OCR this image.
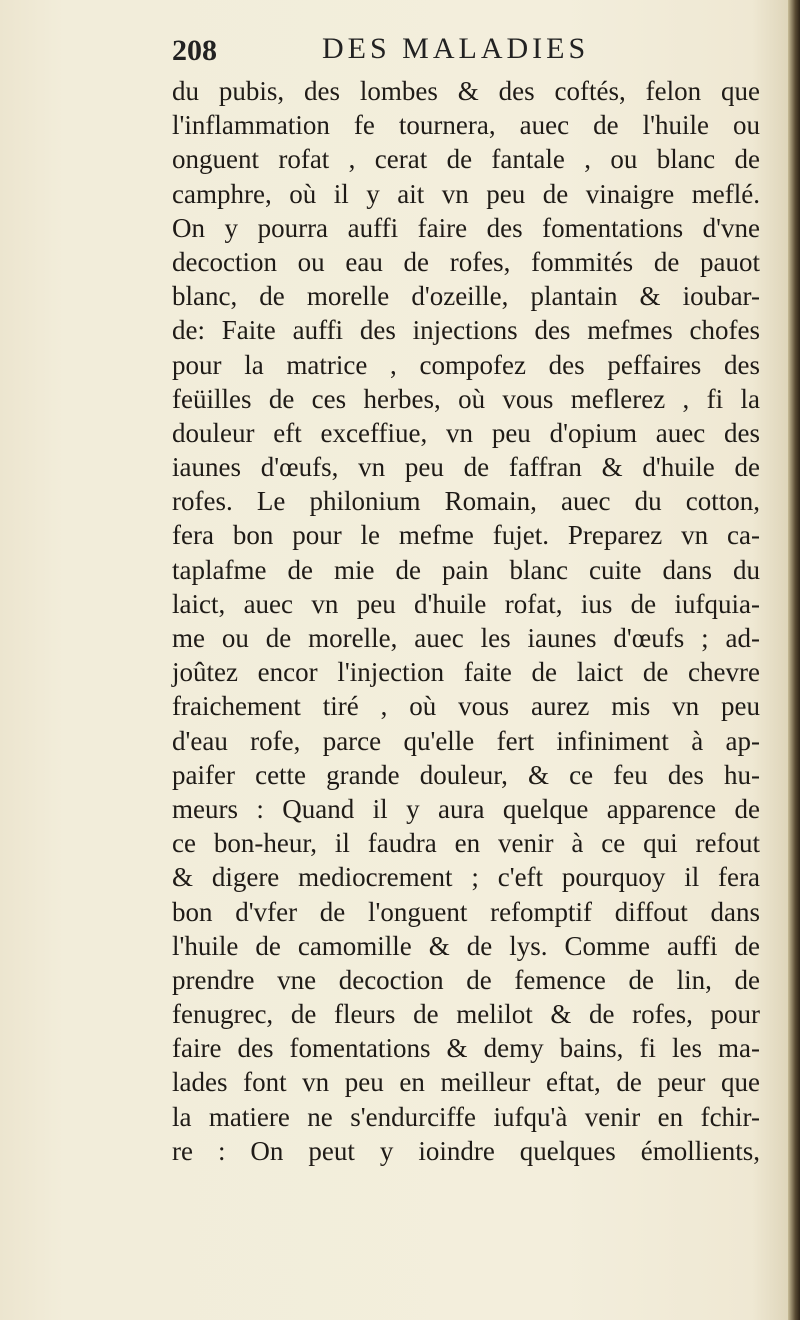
208	DES MALADIES
du pubis, des lombes & des coftés, felon que
l'inflammation fe tournera, auec de l'huile ou
onguent rofat , cerat de fantale , ou blanc de
camphre, où il y ait vn peu de vinaigre meflé.
On y pourra auffi faire des fomentations d'vne
decoction ou eau de rofes, fommités de pauot
blanc, de morelle d'ozeille, plantain & ioubar-
de: Faite auffi des injections des mefmes chofes
pour la matrice , compofez des peffaires des
feüilles de ces herbes, où vous meflerez , fi la
douleur eft exceffiue, vn peu d'opium auec des
iaunes d'œufs, vn peu de faffran & d'huile de
rofes. Le philonium Romain, auec du cotton,
fera bon pour le mefme fujet. Preparez vn ca-
taplafme de mie de pain blanc cuite dans du
laict, auec vn peu d'huile rofat, ius de iufquia-
me ou de morelle, auec les iaunes d'œufs ; ad-
joûtez encor l'injection faite de laict de chevre
fraichement tiré , où vous aurez mis vn peu
d'eau rofe, parce qu'elle fert infiniment à ap-
paifer cette grande douleur, & ce feu des hu-
meurs : Quand il y aura quelque apparence de
ce bon-heur, il faudra en venir à ce qui refout
& digere mediocrement ; c'eft pourquoy il fera
bon d'vfer de l'onguent refomptif diffout dans
l'huile de camomille & de lys. Comme auffi de
prendre vne decoction de femence de lin, de
fenugrec, de fleurs de melilot & de rofes, pour
faire des fomentations & demy bains, fi les ma-
lades font vn peu en meilleur eftat, de peur que
la matiere ne s'endurciffe iufqu'à venir en fchir-
re : On peut y ioindre quelques émollients,
